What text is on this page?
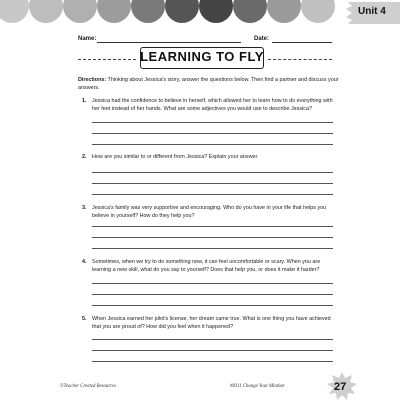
Unit 4
Name:	Date:
LEARNING TO FLY
Directions: Thinking about Jessica's story, answer the questions below. Then find a partner and discuss your answers.
1. Jessica had the confidence to believe in herself, which allowed her to learn how to do everything with her feet instead of her hands. What are some adjectives you would use to describe Jessica?
2. How are you similar to or different from Jessica? Explain your answer.
3. Jessica's family was very supportive and encouraging. Who do you have in your life that helps you believe in yourself? How do they help you?
4. Sometimes, when we try to do something new, it can feel uncomfortable or scary. When you are learning a new skill, what do you say to yourself? Does that help you, or does it make it harder?
5. When Jessica earned her pilot's license, her dream came true. What is one thing you have achieved that you are proud of? How did you feel when it happened?
©Teacher Created Resources	#8311 Change Your Mindset	27
